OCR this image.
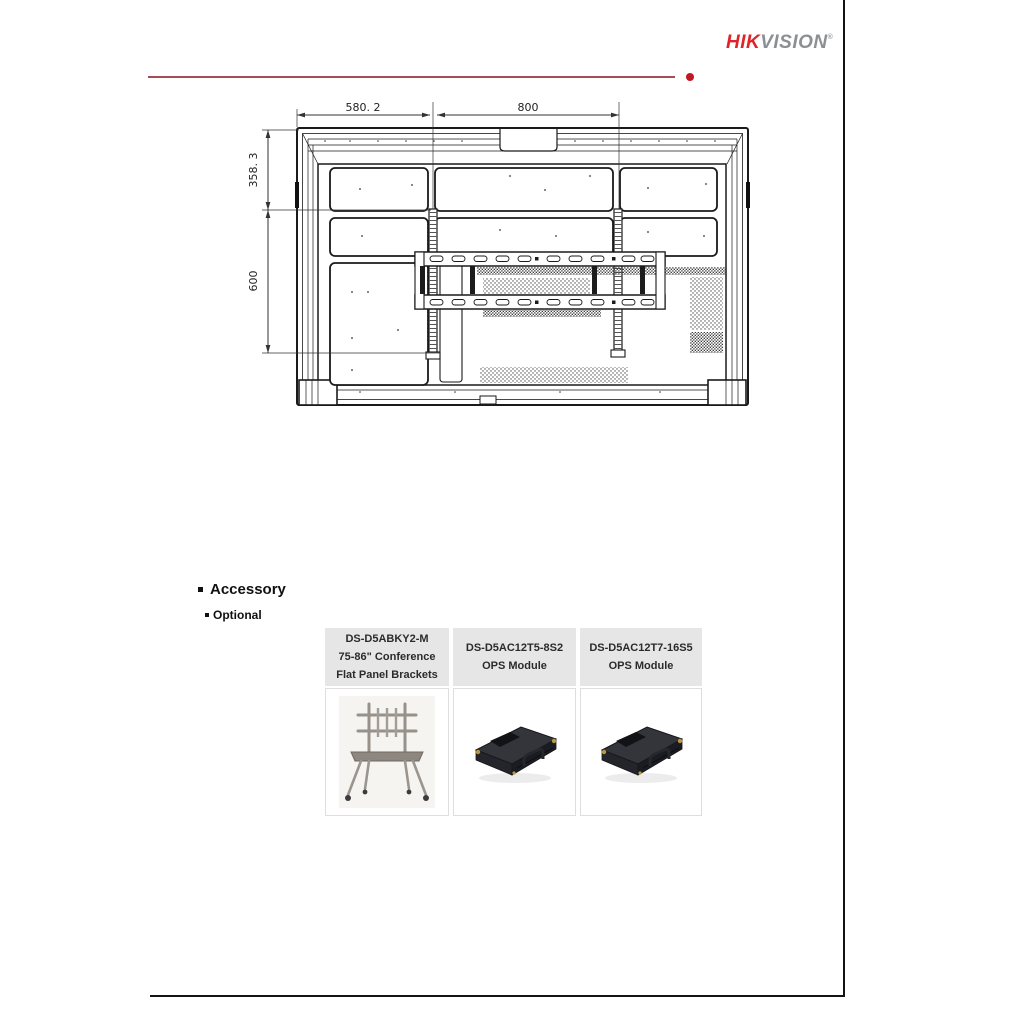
HIKVISION®
580. 2	800
358. 3
600
Accessory
Optional
DS-D5ABKY2-M
75-86" Conference
Flat Panel Brackets
DS-D5AC12T5-8S2
OPS Module
DS-D5AC12T7-16S5
OPS Module
